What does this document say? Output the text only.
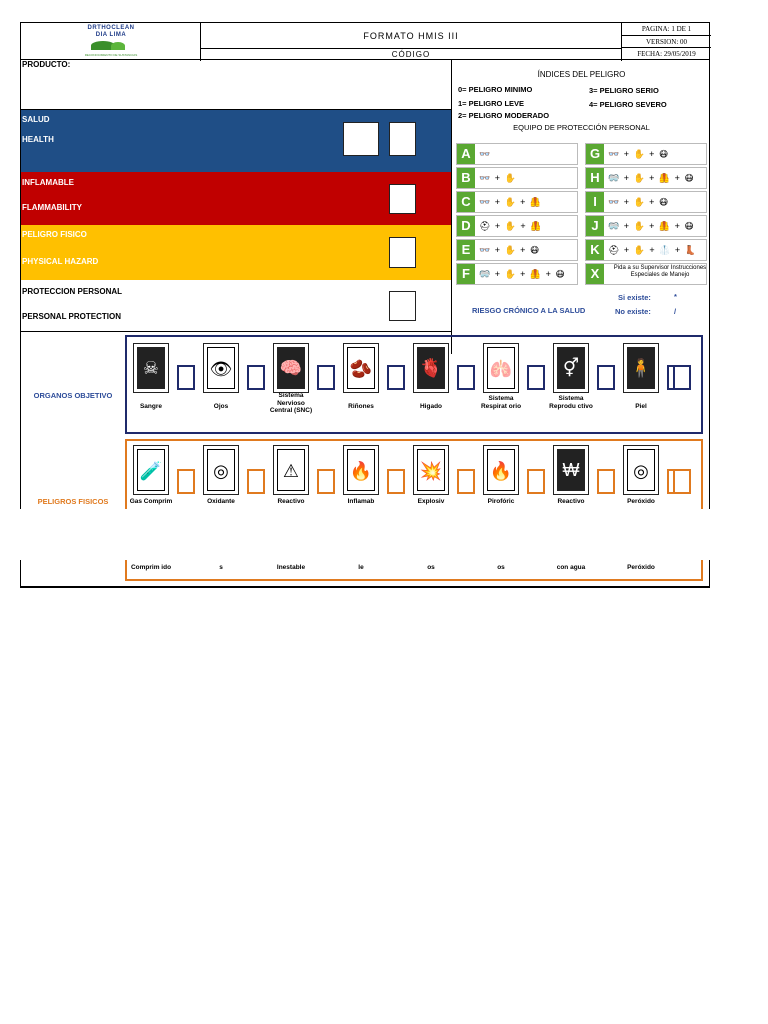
DRTHOCLEAN
DIA LIMA
RECONOCIMIENTO DE SUSTANCIAS
FORMATO HMIS III
CÓDIGO
PAGINA: 1 DE 1
VERSION: 00
FECHA: 29/05/2019
PRODUCTO:
SALUD
HEALTH
INFLAMABLE
FLAMMABILITY
PELIGRO FISICO
PHYSICAL HAZARD
PROTECCION PERSONAL
PERSONAL PROTECTION
ÍNDICES DEL PELIGRO
0= PELIGRO MINIMO	3= PELIGRO SERIO
1= PELIGRO LEVE	4= PELIGRO SEVERO
2= PELIGRO MODERADO
EQUIPO DE PROTECCIÓN PERSONAL
A 👓
B 👓 + ✋
C 👓 + ✋ + 🦺
D ⛑ + ✋ + 🦺
E 👓 + ✋ + 😷
F	🥽 + ✋ + 🦺 + 😷
G 👓 + ✋ + 😷
H 🥽 + ✋ + 🦺 + 😷
I	👓 + ✋ + 😷
J	🥽 + ✋ + 🦺 + 😷
K ⛑ + ✋ + 🥼 + 👢
X	Pida a su Supervisor Instrucciones Especiales de Manejo
RIESGO CRÓNICO A LA SALUD
Si existe:	*
No existe:	/
ORGANOS OBJETIVO
☠
Sangre
👁
Ojos
🧠
Sistema Nervioso Central (SNC)
🫘
Riñones
🫀
Higado
🫁
Sistema Respirat orio
⚥
Sistema Reprodu ctivo
🧍
Piel
PELIGROS FISICOS
🧪
Gas Comprim
Comprim ido
◎
Oxidante
s
⚠
Reactivo
Inestable
🔥
Inflamab
le
💥
Explosiv
os
🔥
Pirofóric
os
₩
Reactivo
con agua
◎
Peróxido
Peróxido
